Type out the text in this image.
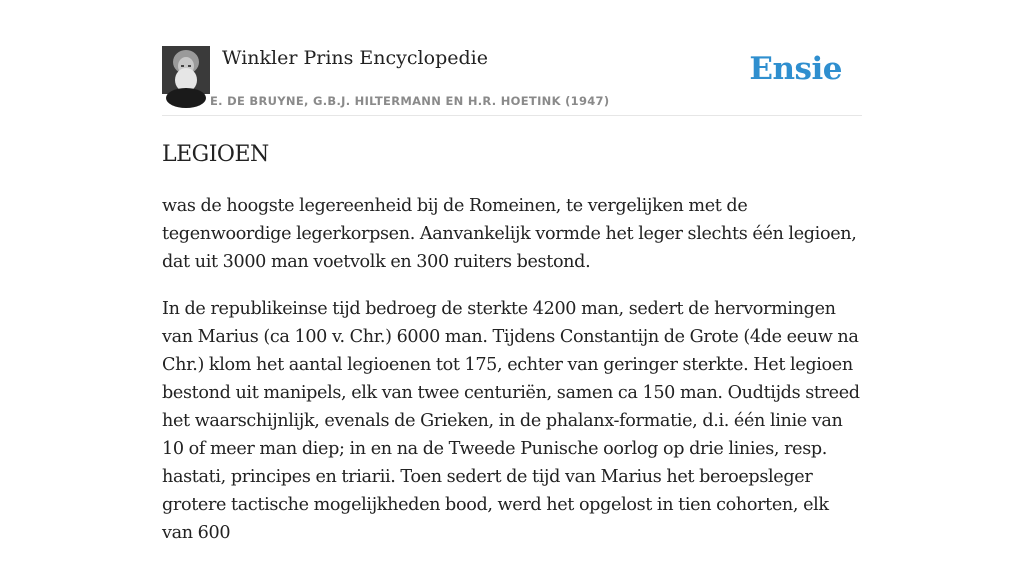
Winkler Prins Encyclopedie
E. DE BRUYNE, G.B.J. HILTERMANN EN H.R. HOETINK (1947)
Ensie
LEGIOEN

was de hoogste legereenheid bij de Romeinen, te vergelijken met de tegenwoordige legerkorpsen. Aanvankelijk vormde het leger slechts één legioen, dat uit 3000 man voetvolk en 300 ruiters bestond.

In de republikeinse tijd bedroeg de sterkte 4200 man, sedert de hervormingen van Marius (ca 100 v. Chr.) 6000 man. Tijdens Constantijn de Grote (4de eeuw na Chr.) klom het aantal legioenen tot 175, echter van geringer sterkte. Het legioen bestond uit manipels, elk van twee centuriën, samen ca 150 man. Oudtijds streed het waarschijnlijk, evenals de Grieken, in de phalanx-formatie, d.i. één linie van 10 of meer man diep; in en na de Tweede Punische oorlog op drie linies, resp. hastati, principes en triarii. Toen sedert de tijd van Marius het beroepsleger grotere tactische mogelijkheden bood, werd het opgelost in tien cohorten, elk van 600
